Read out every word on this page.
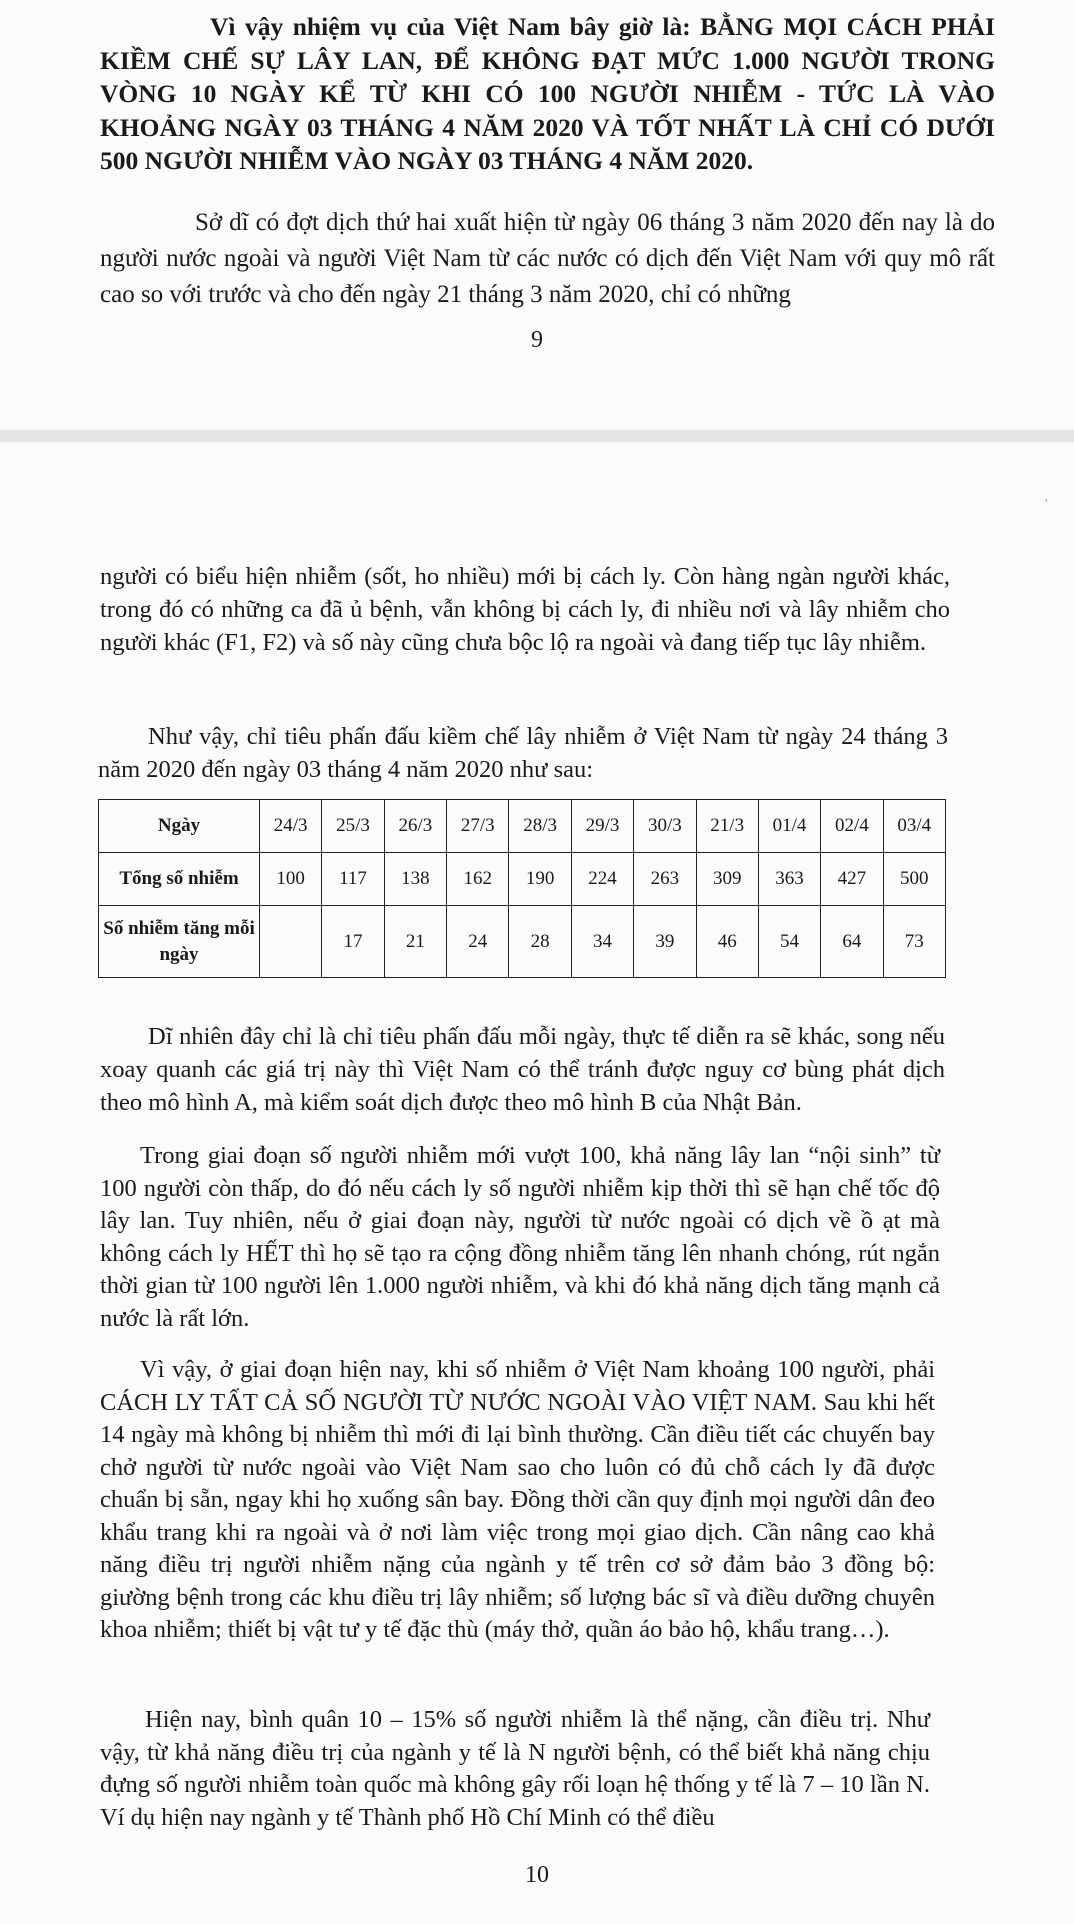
Vì vậy nhiệm vụ của Việt Nam bây giờ là: BẰNG MỌI CÁCH PHẢI KIỀM CHẾ SỰ LÂY LAN, ĐỂ KHÔNG ĐẠT MỨC 1.000 NGƯỜI TRONG VÒNG 10 NGÀY KỂ TỪ KHI CÓ 100 NGƯỜI NHIỄM - TỨC LÀ VÀO KHOẢNG NGÀY 03 THÁNG 4 NĂM 2020 VÀ TỐT NHẤT LÀ CHỈ CÓ DƯỚI 500 NGƯỜI NHIỄM VÀO NGÀY 03 THÁNG 4 NĂM 2020.
Sở dĩ có đợt dịch thứ hai xuất hiện từ ngày 06 tháng 3 năm 2020 đến nay là do người nước ngoài và người Việt Nam từ các nước có dịch đến Việt Nam với quy mô rất cao so với trước và cho đến ngày 21 tháng 3 năm 2020, chỉ có những
9
'
người có biểu hiện nhiễm (sốt, ho nhiều) mới bị cách ly. Còn hàng ngàn người khác, trong đó có những ca đã ủ bệnh, vẫn không bị cách ly, đi nhiều nơi và lây nhiễm cho người khác (F1, F2) và số này cũng chưa bộc lộ ra ngoài và đang tiếp tục lây nhiễm.
Như vậy, chỉ tiêu phấn đấu kiềm chế lây nhiễm ở Việt Nam từ ngày 24 tháng 3 năm 2020 đến ngày 03 tháng 4 năm 2020 như sau:
Ngày	24/3	25/3	26/3	27/3	28/3	29/3	30/3	21/3	01/4	02/4	03/4
Tổng số nhiễm	100	117	138	162	190	224	263	309	363	427	500
Số nhiễm tăng mỗi ngày		17	21	24	28	34	39	46	54	64	73
Dĩ nhiên đây chỉ là chỉ tiêu phấn đấu mỗi ngày, thực tế diễn ra sẽ khác, song nếu xoay quanh các giá trị này thì Việt Nam có thể tránh được nguy cơ bùng phát dịch theo mô hình A, mà kiểm soát dịch được theo mô hình B của Nhật Bản.
Trong giai đoạn số người nhiễm mới vượt 100, khả năng lây lan “nội sinh” từ 100 người còn thấp, do đó nếu cách ly số người nhiễm kịp thời thì sẽ hạn chế tốc độ lây lan. Tuy nhiên, nếu ở giai đoạn này, người từ nước ngoài có dịch về ồ ạt mà không cách ly HẾT thì họ sẽ tạo ra cộng đồng nhiễm tăng lên nhanh chóng, rút ngắn thời gian từ 100 người lên 1.000 người nhiễm, và khi đó khả năng dịch tăng mạnh cả nước là rất lớn.
Vì vậy, ở giai đoạn hiện nay, khi số nhiễm ở Việt Nam khoảng 100 người, phải CÁCH LY TẤT CẢ SỐ NGƯỜI TỪ NƯỚC NGOÀI VÀO VIỆT NAM. Sau khi hết 14 ngày mà không bị nhiễm thì mới đi lại bình thường. Cần điều tiết các chuyến bay chở người từ nước ngoài vào Việt Nam sao cho luôn có đủ chỗ cách ly đã được chuẩn bị sẵn, ngay khi họ xuống sân bay. Đồng thời cần quy định mọi người dân đeo khẩu trang khi ra ngoài và ở nơi làm việc trong mọi giao dịch. Cần nâng cao khả năng điều trị người nhiễm nặng của ngành y tế trên cơ sở đảm bảo 3 đồng bộ: giường bệnh trong các khu điều trị lây nhiễm; số lượng bác sĩ và điều dưỡng chuyên khoa nhiễm; thiết bị vật tư y tế đặc thù (máy thở, quần áo bảo hộ, khẩu trang…).
Hiện nay, bình quân 10 – 15% số người nhiễm là thể nặng, cần điều trị. Như vậy, từ khả năng điều trị của ngành y tế là N người bệnh, có thể biết khả năng chịu đựng số người nhiễm toàn quốc mà không gây rối loạn hệ thống y tế là 7 – 10 lần N. Ví dụ hiện nay ngành y tế Thành phố Hồ Chí Minh có thể điều
10
